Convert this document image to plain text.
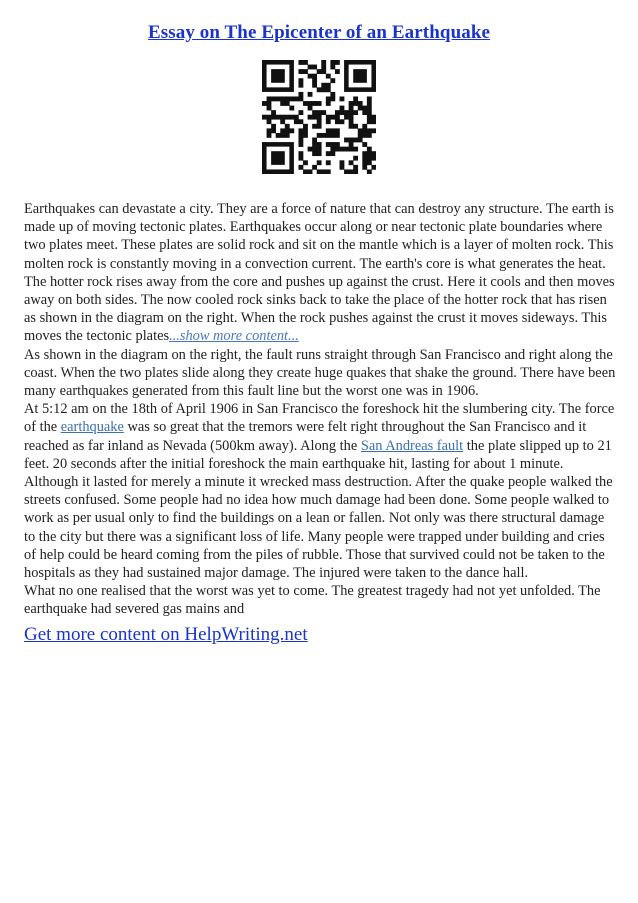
Essay on The Epicenter of an Earthquake

Earthquakes can devastate a city. They are a force of nature that can destroy any structure. The earth is made up of moving tectonic plates. Earthquakes occur along or near tectonic plate boundaries where two plates meet. These plates are solid rock and sit on the mantle which is a layer of molten rock. This molten rock is constantly moving in a convection current. The earth's core is what generates the heat. The hotter rock rises away from the core and pushes up against the crust. Here it cools and then moves away on both sides. The now cooled rock sinks back to take the place of the hotter rock that has risen as shown in the diagram on the right. When the rock pushes against the crust it moves sideways. This moves the tectonic plates...show more content...

As shown in the diagram on the right, the fault runs straight through San Francisco and right along the coast. When the two plates slide along they create huge quakes that shake the ground. There have been many earthquakes generated from this fault line but the worst one was in 1906.

At 5:12 am on the 18th of April 1906 in San Francisco the foreshock hit the slumbering city. The force of the earthquake was so great that the tremors were felt right throughout the San Francisco and it reached as far inland as Nevada (500km away). Along the San Andreas fault the plate slipped up to 21 feet. 20 seconds after the initial foreshock the main earthquake hit, lasting for about 1 minute. Although it lasted for merely a minute it wrecked mass destruction. After the quake people walked the streets confused. Some people had no idea how much damage had been done. Some people walked to work as per usual only to find the buildings on a lean or fallen. Not only was there structural damage to the city but there was a significant loss of life. Many people were trapped under building and cries of help could be heard coming from the piles of rubble. Those that survived could not be taken to the hospitals as they had sustained major damage. The injured were taken to the dance hall.

What no one realised that the worst was yet to come. The greatest tragedy had not yet unfolded. The earthquake had severed gas mains and

Get more content on HelpWriting.net
